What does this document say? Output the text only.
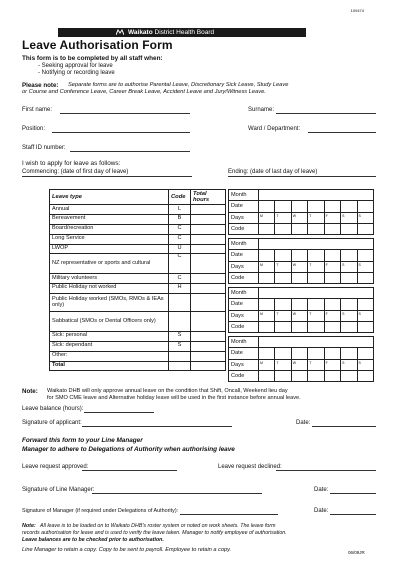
109474
Waikato District Health Board
Leave Authorisation Form
This form is to be completed by all staff when:
- Seeking approval for leave
- Notifying or recording leave
Please note: Separate forms are to authorise Parental Leave, Discretionary Sick Leave, Study Leave
or Course and Conference Leave, Career Break Leave, Accident Leave and Jury/Witness Leave.
First name:	Surname:
Position:	Ward / Department:
Staff ID number:
I wish to apply for leave as follows:
Commencing: (date of first day of leave)	Ending: (date of last day of leave)
Leave type	Code	Total hours
Annual	L	
Bereavement	B	
Board/recreation	C	
Long Service	C	
LWOP	U	
NZ representative or sports and cultural	C	
Military volunteers	C	
Public Holiday not worked	H	
Public Holiday worked (SMOs, RMOs & IEAs only)		
Sabbatical (SMOs or Dental Officers only)		
Sick: personal	S	
Sick: dependant	S	
Other:		
Total		
Month							
Date							
Days	M	T	W	T	F	S	S
Code							
Month							
Date							
Days	M	T	W	T	F	S	S
Code							
Month							
Date							
Days	M	T	W	T	F	S	S
Code							
Month							
Date							
Days	M	T	W	T	F	S	S
Code							
Note: Waikato DHB will only approve annual leave on the condition that Shift, Oncall, Weekend lieu day
for SMO CME leave and Alternative holiday leave will be used in the first instance before annual leave.
Leave balance (hours):
Signature of applicant:	Date:
Forward this form to your Line Manager
Manager to adhere to Delegations of Authority when authorising leave
Leave request approved:	Leave request declined:
Signature of Line Manager:	Date:
Signature of Manager (if required under Delegations of Authority):	Date:
Note: All leave is to be loaded on to Waikato DHB's roster system or noted on work sheets. The leave form
records authorisation for leave and is used to verify the leave taken. Manager to notify employee of authorisation.
Leave balances are to be checked prior to authorisation.
Line Manager to retain a copy. Copy to be sent to payroll. Employee to retain a copy.	06/09JR
